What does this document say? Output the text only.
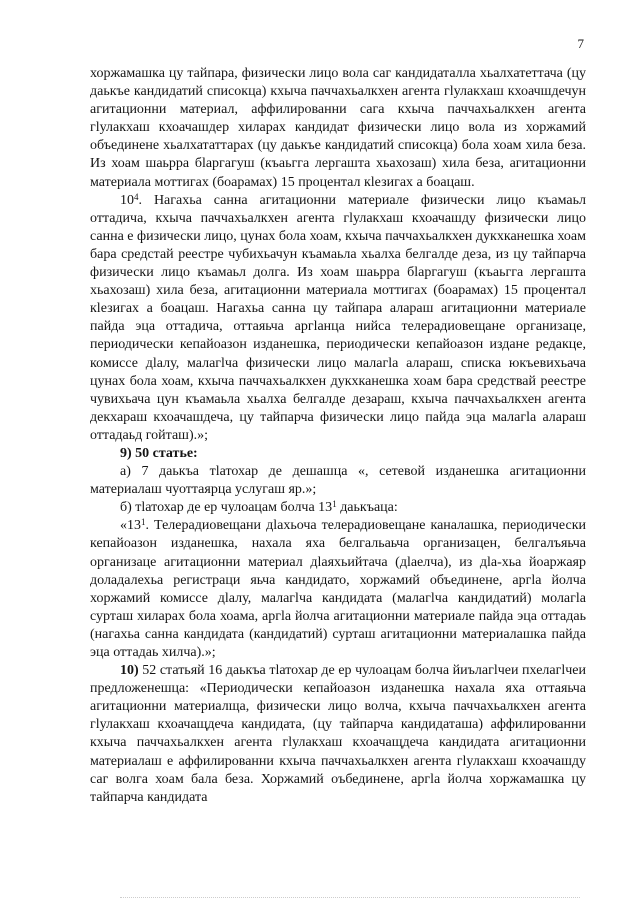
7

хоржамашка цу тайпара, физически лицо вола саг кандидаталла хьалхатеттача (цу даькъе кандидатий списокца) кхыча паччахьалкхен агента гlулакхаш кхоачшдечун агитационни материал, аффилированни сага кхыча паччахьалкхен агента гlулакхаш кхоачашдер хиларах кандидат физически лицо вола из хоржамий объединене хьалхататтарах (цу даькъе кандидатий списокца) бола хоам хила беза. Из хоам шаьрра бlаргагуш (къаьгга лергашта хьахозаш) хила беза, агитационни материала моттигах (боарамах) 15 процентал кlезигах а боацаш.

$10^4$. Нагахьа санна агитационни материале физически лицо къамаьл оттадича, кхыча паччахьалкхен агента гlулакхаш кхоачашду физически лицо санна е физически лицо, цунах бола хоам, кхыча паччахьалкхен дукхканешка хоам бара средстай реестре чубихьачун къамаьла хьалха белгалде деза, из цу тайпарча физически лицо къамаьл долга. Из хоам шаьрра бlаргагуш (къаьгга лергашта хьахозаш) хила беза, агитационни материала моттигах (боарамах) 15 процентал кlезигах а боацаш. Нагахьа санна цу тайпара алараш агитационни материале пайда эца оттадича, оттаяьча аргlанца нийса телерадиовещане организаце, периодически кепайоазон изданешка, периодически кепайоазон издане редакце, комиссе дlалу, малагlча физически лицо малагlа алараш, списка юкъевихьача цунах бола хоам, кхыча паччахьалкхен дукхканешка хоам бара средствай реестре чувихьача цун къамаьла хьалха белгалде дезараш, кхыча паччахьалкхен агента декхараш кхоачашдеча, цу тайпарча физически лицо пайда эца малагlа алараш оттадаьд гойташ).»;

9) 50 статье:

а) 7 даькъа тlатохар де дешашца «, сетевой изданешка агитационни материалаш чуоттаярца услугаш яр.»;

б) тlатохар де ер чулоацам болча $13^1$ даькъаца:

«$13^1$. Телерадиовещани дlахьоча телерадиовещане каналашка, периодически кепайоазон изданешка, нахала яха белгальаьча организацен, белгалъяьча организаце агитационни материал дlаяхьийтача (дlаелча), из дlа-хьа йоаржаяр доладалехьа регистраци яьча кандидато, хоржамий объединене, аргlа йолча хоржамий комиссе дlалу, малагlча кандидата (малагlча кандидатий) молагlа сурташ хиларах бола хоама, аргlа йолча агитационни материале пайда эца оттадаь (нагахьа санна кандидата (кандидатий) сурташ агитационни материалашка пайда эца оттадаь хилча).»;

10) 52 статьяй 16 даькъа тlатохар де ер чулоацам болча йиълагlчеи пхелагlчеи предложенешца: «Периодически кепайоазон изданешка нахала яха оттаяьча агитационни материалща, физически лицо волча, кхыча паччахьалкхен агента гlулакхаш кхоачащдеча кандидата, (цу тайпарча кандидаташа) аффилированни кхыча паччахьалкхен агента гlулакхаш кхоачащдеча кандидата агитационни материалаш е аффилированни кхыча паччахьалкхен агента гlулакхаш кхоачашду саг волга хоам бала беза. Хоржамий оъбединене, аргlа йолча хоржамашка цу тайпарча кандидата
